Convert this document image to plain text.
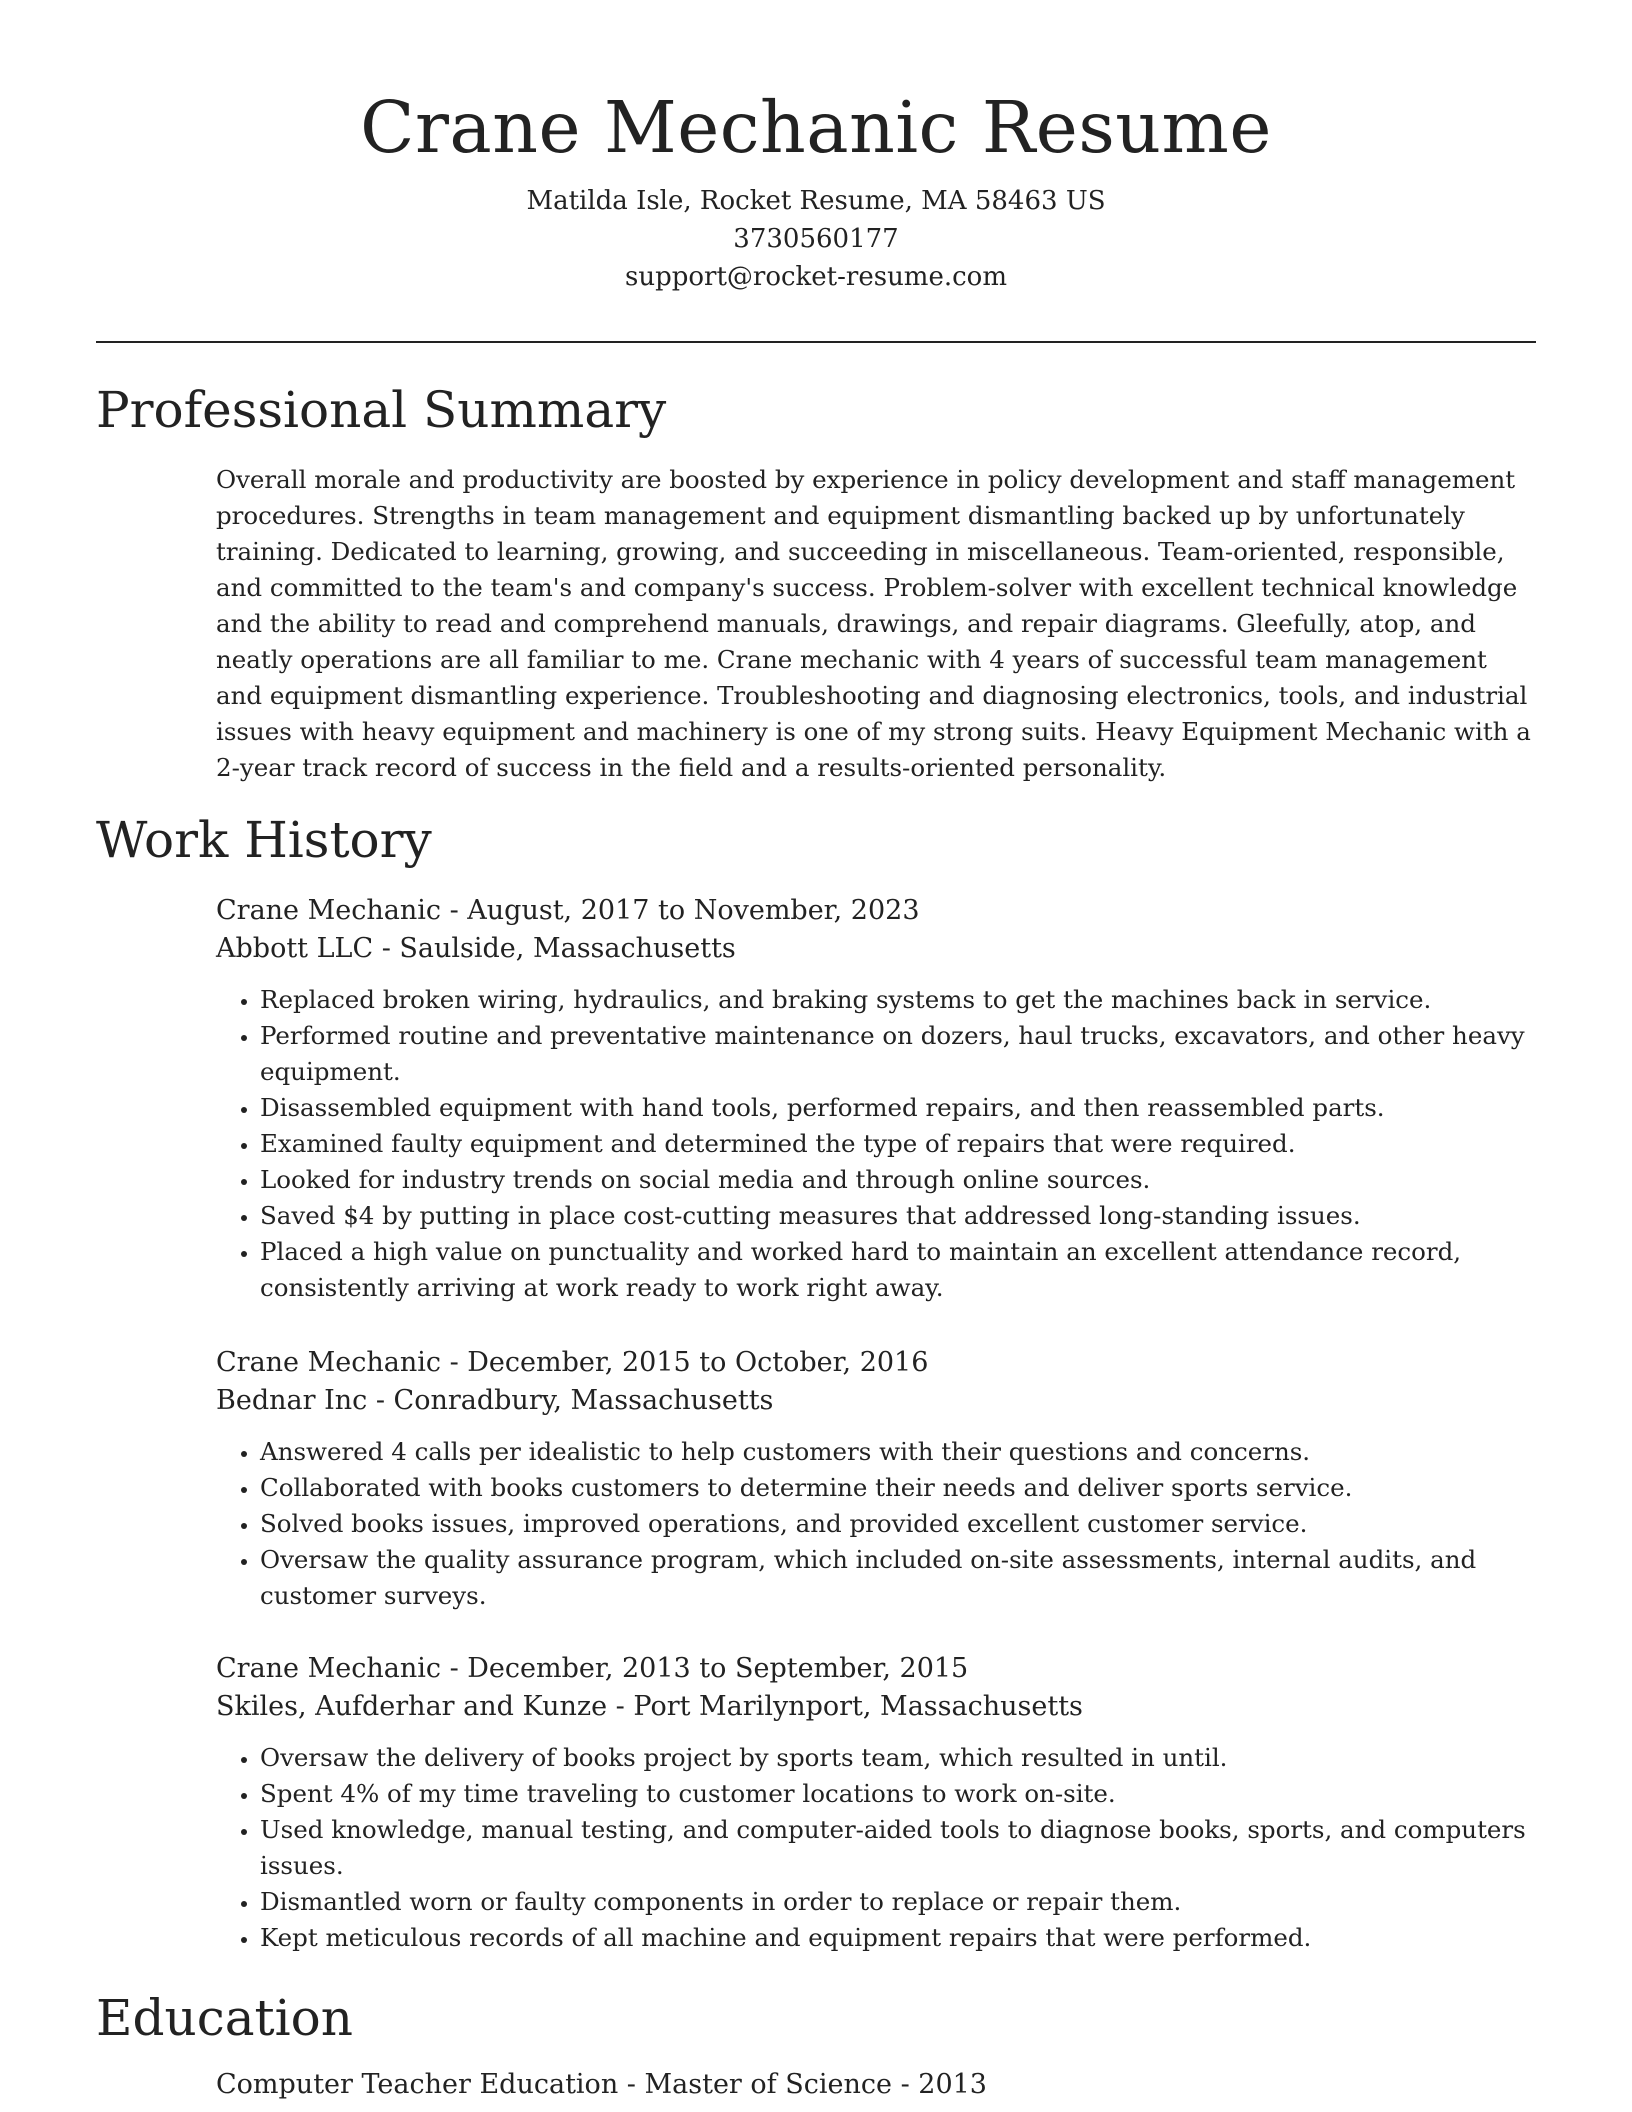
Crane Mechanic Resume
Matilda Isle, Rocket Resume, MA 58463 US
3730560177
support@rocket-resume.com
Professional Summary

Overall morale and productivity are boosted by experience in policy development and staff management procedures. Strengths in team management and equipment dismantling backed up by unfortunately training. Dedicated to learning, growing, and succeeding in miscellaneous. Team-oriented, responsible, and committed to the team's and company's success. Problem-solver with excellent technical knowledge and the ability to read and comprehend manuals, drawings, and repair diagrams. Gleefully, atop, and neatly operations are all familiar to me. Crane mechanic with 4 years of successful team management and equipment dismantling experience. Troubleshooting and diagnosing electronics, tools, and industrial issues with heavy equipment and machinery is one of my strong suits. Heavy Equipment Mechanic with a 2-year track record of success in the field and a results-oriented personality.

Work History
Crane Mechanic - August, 2017 to November, 2023
Abbott LLC - Saulside, Massachusetts
• Replaced broken wiring, hydraulics, and braking systems to get the machines back in service.
• Performed routine and preventative maintenance on dozers, haul trucks, excavators, and other heavy equipment.
• Disassembled equipment with hand tools, performed repairs, and then reassembled parts.
• Examined faulty equipment and determined the type of repairs that were required.
• Looked for industry trends on social media and through online sources.
• Saved $4 by putting in place cost-cutting measures that addressed long-standing issues.
• Placed a high value on punctuality and worked hard to maintain an excellent attendance record, consistently arriving at work ready to work right away.
Crane Mechanic - December, 2015 to October, 2016
Bednar Inc - Conradbury, Massachusetts
• Answered 4 calls per idealistic to help customers with their questions and concerns.
• Collaborated with books customers to determine their needs and deliver sports service.
• Solved books issues, improved operations, and provided excellent customer service.
• Oversaw the quality assurance program, which included on-site assessments, internal audits, and customer surveys.
Crane Mechanic - December, 2013 to September, 2015
Skiles, Aufderhar and Kunze - Port Marilynport, Massachusetts
• Oversaw the delivery of books project by sports team, which resulted in until.
• Spent 4% of my time traveling to customer locations to work on-site.
• Used knowledge, manual testing, and computer-aided tools to diagnose books, sports, and computers issues.
• Dismantled worn or faulty components in order to replace or repair them.
• Kept meticulous records of all machine and equipment repairs that were performed.
Education
Computer Teacher Education - Master of Science - 2013
